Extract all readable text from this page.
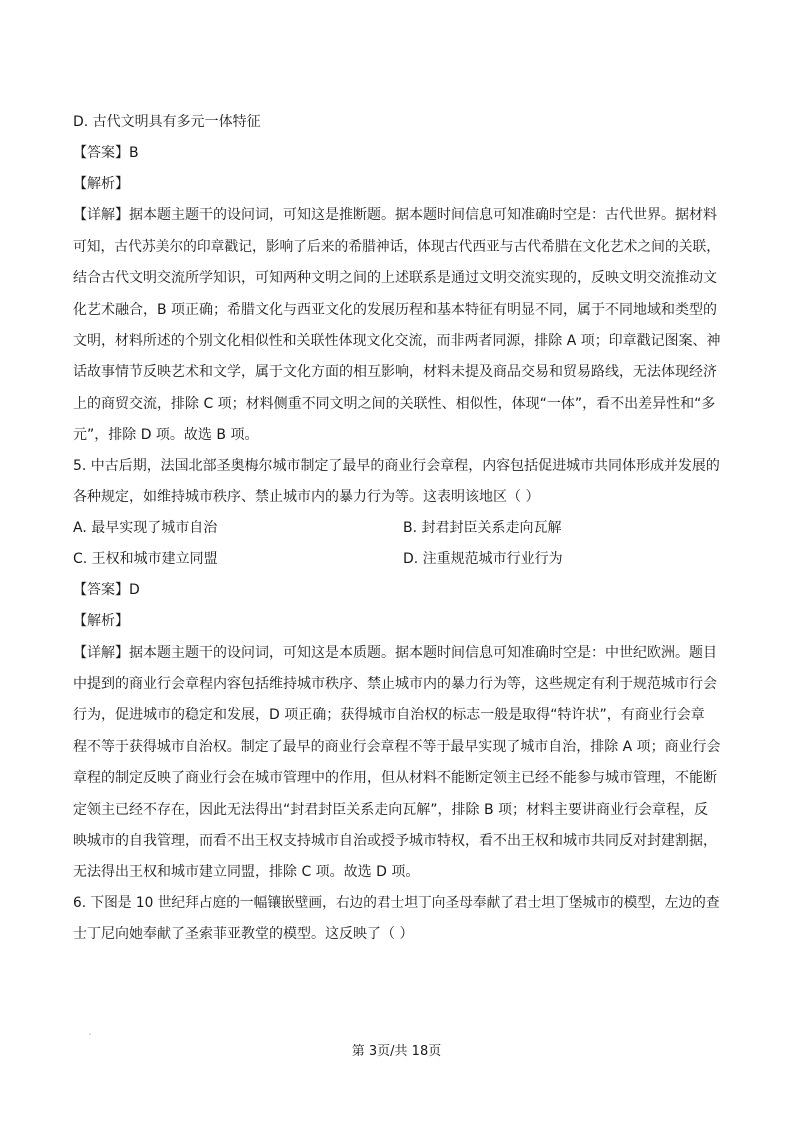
D. 古代文明具有多元一体特征
【答案】B
【解析】
【详解】据本题主题干的设问词，可知这是推断题。据本题时间信息可知准确时空是：古代世界。据材料
可知，古代苏美尔的印章戳记，影响了后来的希腊神话，体现古代西亚与古代希腊在文化艺术之间的关联，
结合古代文明交流所学知识，可知两种文明之间的上述联系是通过文明交流实现的，反映文明交流推动文
化艺术融合，B 项正确；希腊文化与西亚文化的发展历程和基本特征有明显不同，属于不同地域和类型的
文明，材料所述的个别文化相似性和关联性体现文化交流，而非两者同源，排除 A 项；印章戳记图案、神
话故事情节反映艺术和文学，属于文化方面的相互影响，材料未提及商品交易和贸易路线，无法体现经济
上的商贸交流，排除 C 项；材料侧重不同文明之间的关联性、相似性，体现“一体”，看不出差异性和“多
元”，排除 D 项。故选 B 项。
5. 中古后期，法国北部圣奥梅尔城市制定了最早的商业行会章程，内容包括促进城市共同体形成并发展的
各种规定，如维持城市秩序、禁止城市内的暴力行为等。这表明该地区（ ）
A. 最早实现了城市自治	B. 封君封臣关系走向瓦解
C. 王权和城市建立同盟	D. 注重规范城市行业行为
【答案】D
【解析】
【详解】据本题主题干的设问词，可知这是本质题。据本题时间信息可知准确时空是：中世纪欧洲。题目
中提到的商业行会章程内容包括维持城市秩序、禁止城市内的暴力行为等，这些规定有利于规范城市行会
行为，促进城市的稳定和发展，D 项正确；获得城市自治权的标志一般是取得“特许状”，有商业行会章
程不等于获得城市自治权。制定了最早的商业行会章程不等于最早实现了城市自治，排除 A 项；商业行会
章程的制定反映了商业行会在城市管理中的作用，但从材料不能断定领主已经不能参与城市管理，不能断
定领主已经不存在，因此无法得出“封君封臣关系走向瓦解”，排除 B 项；材料主要讲商业行会章程，反
映城市的自我管理，而看不出王权支持城市自治或授予城市特权，看不出王权和城市共同反对封建割据，
无法得出王权和城市建立同盟，排除 C 项。故选 D 项。
6. 下图是 10 世纪拜占庭的一幅镶嵌壁画，右边的君士坦丁向圣母奉献了君士坦丁堡城市的模型，左边的查
士丁尼向她奉献了圣索菲亚教堂的模型。这反映了（ ）
.
第 3页/共 18页
